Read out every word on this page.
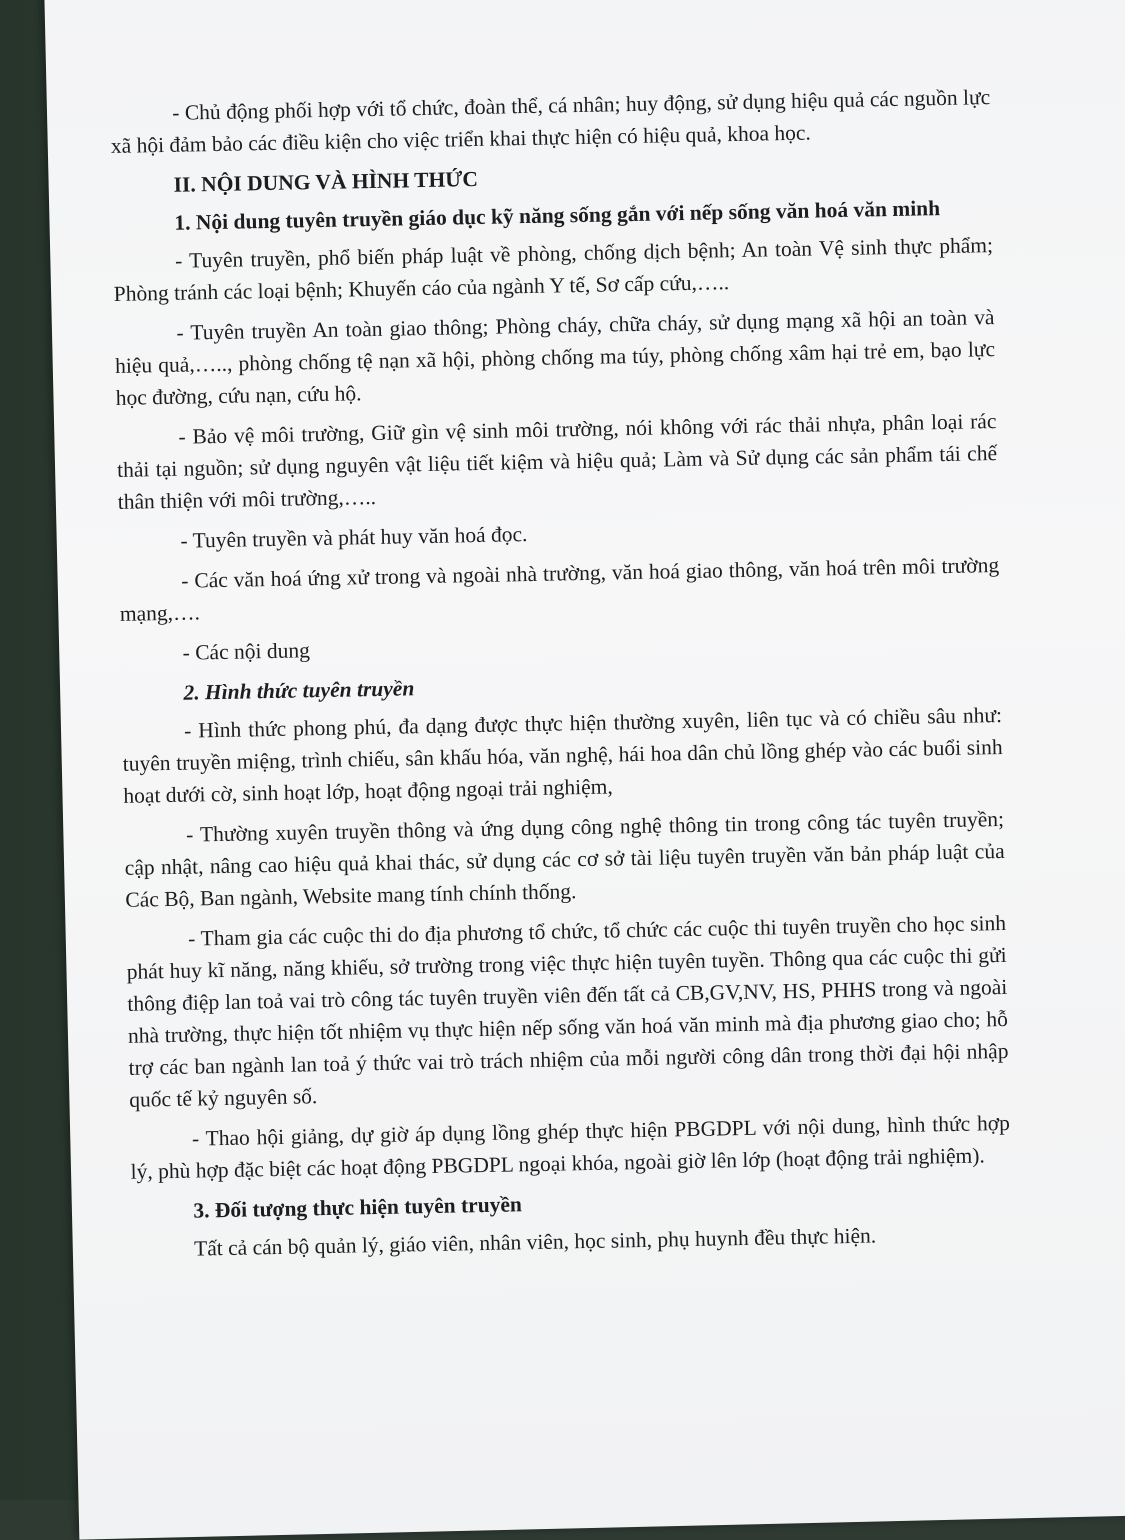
- Chủ động phối hợp với tổ chức, đoàn thể, cá nhân; huy động, sử dụng hiệu quả các nguồn lực xã hội đảm bảo các điều kiện cho việc triển khai thực hiện có hiệu quả, khoa học.

II. NỘI DUNG VÀ HÌNH THỨC

1. Nội dung tuyên truyền giáo dục kỹ năng sống gắn với nếp sống văn hoá văn minh

- Tuyên truyền, phổ biến pháp luật về phòng, chống dịch bệnh; An toàn Vệ sinh thực phẩm; Phòng tránh các loại bệnh; Khuyến cáo của ngành Y tế, Sơ cấp cứu,…..

- Tuyên truyền An toàn giao thông; Phòng cháy, chữa cháy, sử dụng mạng xã hội an toàn và hiệu quả,….., phòng chống tệ nạn xã hội, phòng chống ma túy, phòng chống xâm hại trẻ em, bạo lực học đường, cứu nạn, cứu hộ.

- Bảo vệ môi trường, Giữ gìn vệ sinh môi trường, nói không với rác thải nhựa, phân loại rác thải tại nguồn; sử dụng nguyên vật liệu tiết kiệm và hiệu quả; Làm và Sử dụng các sản phẩm tái chế thân thiện với môi trường,…..

- Tuyên truyền và phát huy văn hoá đọc.

- Các văn hoá ứng xử trong và ngoài nhà trường, văn hoá giao thông, văn hoá trên môi trường mạng,….

- Các nội dung

2. Hình thức tuyên truyền

- Hình thức phong phú, đa dạng được thực hiện thường xuyên, liên tục và có chiều sâu như: tuyên truyền miệng, trình chiếu, sân khấu hóa, văn nghệ, hái hoa dân chủ lồng ghép vào các buổi sinh hoạt dưới cờ, sinh hoạt lớp, hoạt động ngoại trải nghiệm,

- Thường xuyên truyền thông và ứng dụng công nghệ thông tin trong công tác tuyên truyền; cập nhật, nâng cao hiệu quả khai thác, sử dụng các cơ sở tài liệu tuyên truyền văn bản pháp luật của Các Bộ, Ban ngành, Website mang tính chính thống.

- Tham gia các cuộc thi do địa phương tổ chức, tổ chức các cuộc thi tuyên truyền cho học sinh phát huy kĩ năng, năng khiếu, sở trường trong việc thực hiện tuyên tuyền. Thông qua các cuộc thi gửi thông điệp lan toả vai trò công tác tuyên truyền viên đến tất cả CB,GV,NV, HS, PHHS trong và ngoài nhà trường, thực hiện tốt nhiệm vụ thực hiện nếp sống văn hoá văn minh mà địa phương giao cho; hỗ trợ các ban ngành lan toả ý thức vai trò trách nhiệm của mỗi người công dân trong thời đại hội nhập quốc tế kỷ nguyên số.

- Thao hội giảng, dự giờ áp dụng lồng ghép thực hiện PBGDPL với nội dung, hình thức hợp lý, phù hợp đặc biệt các hoạt động PBGDPL ngoại khóa, ngoài giờ lên lớp (hoạt động trải nghiệm).

3. Đối tượng thực hiện tuyên truyền

Tất cả cán bộ quản lý, giáo viên, nhân viên, học sinh, phụ huynh đều thực hiện.
